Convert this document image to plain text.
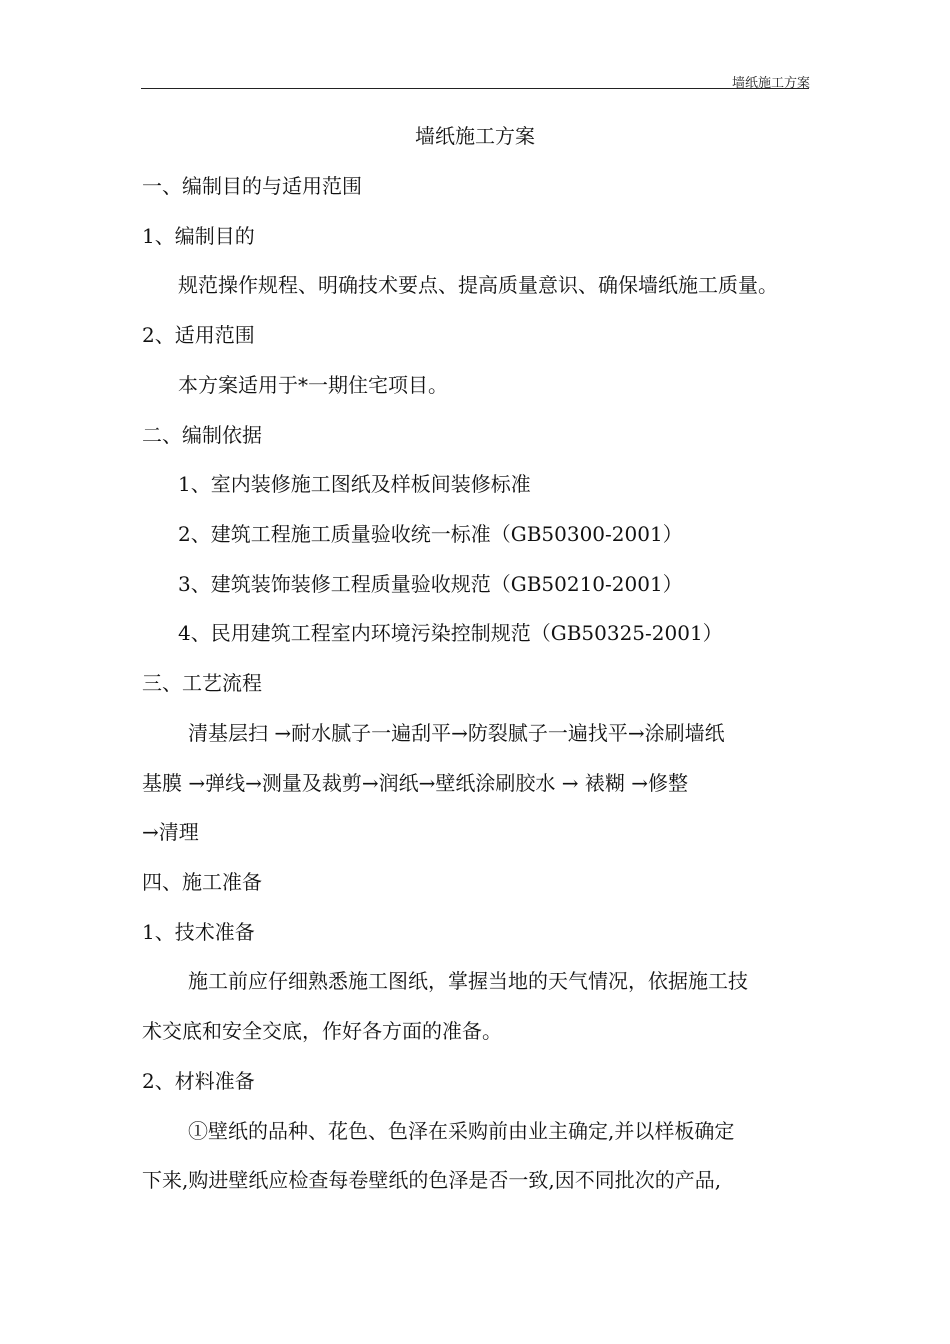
墙纸施工方案
墙纸施工方案
一、编制目的与适用范围
1、编制目的
规范操作规程、明确技术要点、提高质量意识、确保墙纸施工质量。
2、适用范围
本方案适用于*一期住宅项目。
二、编制依据
1、室内装修施工图纸及样板间装修标准
2、建筑工程施工质量验收统一标准（GB50300-2001）
3、建筑装饰装修工程质量验收规范（GB50210-2001）
4、民用建筑工程室内环境污染控制规范（GB50325-2001）
三、工艺流程
清基层扫 →耐水腻子一遍刮平→防裂腻子一遍找平→涂刷墙纸
基膜 →弹线→测量及裁剪→润纸→壁纸涂刷胶水 → 裱糊 →修整
→清理
四、施工准备
1、技术准备
施工前应仔细熟悉施工图纸，掌握当地的天气情况，依据施工技
术交底和安全交底，作好各方面的准备。
2、材料准备
①壁纸的品种、花色、色泽在采购前由业主确定,并以样板确定
下来,购进壁纸应检查每卷壁纸的色泽是否一致,因不同批次的产品,
